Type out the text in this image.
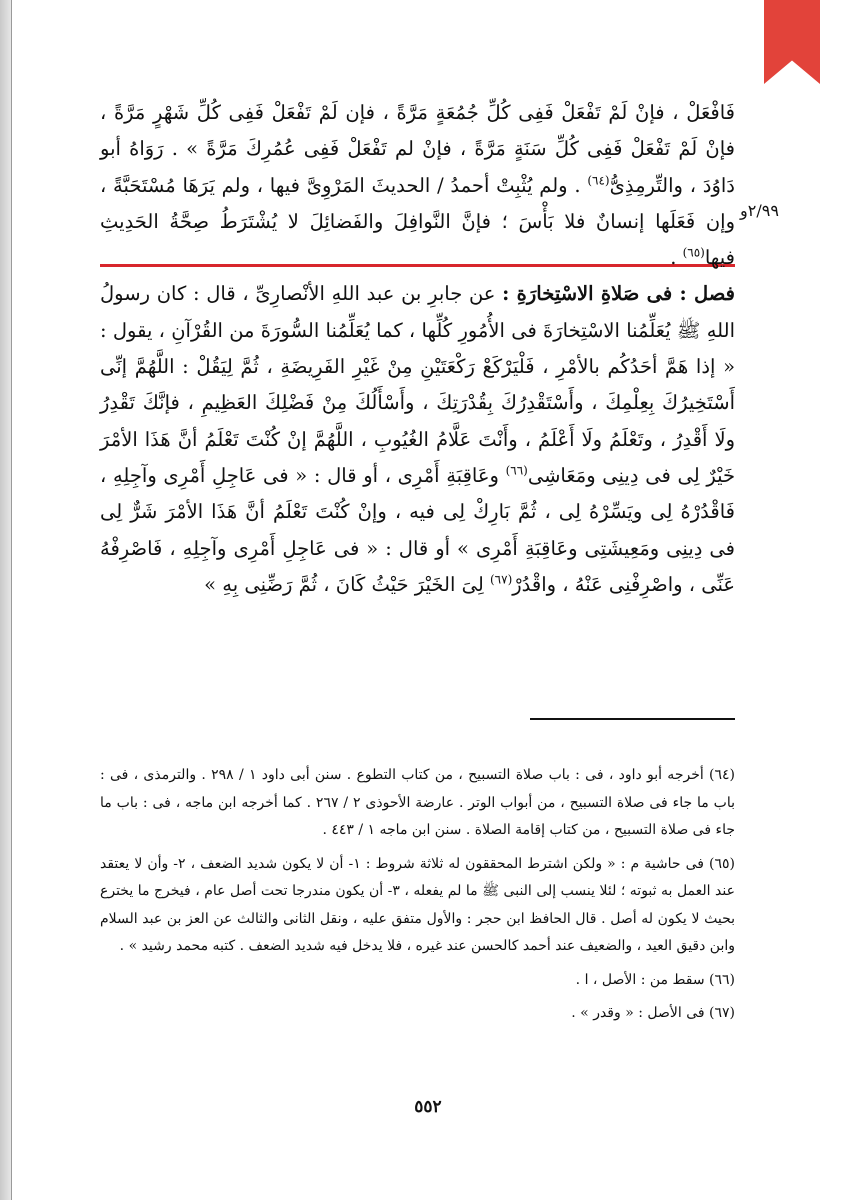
٢/٩٩و

فَافْعَلْ ، فإنْ لَمْ تَفْعَلْ فَفِى كُلِّ جُمُعَةٍ مَرَّةً ، فإن لَمْ تَفْعَلْ فَفِى كُلِّ شَهْرٍ مَرَّةً ، فإنْ لَمْ تَفْعَلْ فَفِى كُلِّ سَنَةٍ مَرَّةً ، فإنْ لم تَفْعَلْ فَفِى عُمُرِكَ مَرَّةً » . رَوَاهُ أبو دَاوُدَ ، والتِّرمِذِىُّ$^{(٦٤)}$ . ولم يُثْبِتْ أحمدُ / الحديثَ المَرْوِىَّ فيها ، ولم يَرَهَا مُسْتَحَبَّةً ، وإن فَعَلَها إنسانٌ فلا بَأْسَ ؛ فإنَّ النَّوافِلَ والفَضائِلَ لا يُشْتَرَطُ صِحَّةُ الحَدِيثِ فيها$^{(٦٥)}$ .

فصل : فى صَلاةِ الاسْتِخارَةِ : عن جابرِ بن عبد اللهِ الأنْصارِىِّ ، قال : كان رسولُ اللهِ ﷺ يُعَلِّمُنا الاسْتِخارَةَ فى الأُمُورِ كُلِّها ، كما يُعَلِّمُنا السُّورَةَ من القُرْآنِ ، يقول : « إذا هَمَّ أحَدُكُم بالأمْرِ ، فَلْيَرْكَعْ رَكْعَتَيْنِ مِنْ غَيْرِ الفَرِيضَةِ ، ثُمَّ لِيَقُلْ : اللَّهُمَّ إنِّى أَسْتَخِيرُكَ بِعِلْمِكَ ، وأَسْتَقْدِرُكَ بِقُدْرَتِكَ ، وأَسْأَلُكَ مِنْ فَضْلِكَ العَظِيمِ ، فإنَّكَ تَقْدِرُ ولَا أَقْدِرُ ، وتَعْلَمُ ولَا أَعْلَمُ ، وأَنْتَ عَلَّامُ الغُيُوبِ ، اللَّهُمَّ إنْ كُنْتَ تَعْلَمُ أنَّ هَذَا الأمْرَ خَيْرٌ لِى فى دِينِى ومَعَاشِى$^{(٦٦)}$ وعَاقِبَةِ أَمْرِى ، أو قال : « فى عَاجِلِ أَمْرِى وآجِلِهِ ، فَاقْدُرْهُ لِى ويَسِّرْهُ لِى ، ثُمَّ بَارِكْ لِى فيه ، وإنْ كُنْتَ تَعْلَمُ أنَّ هَذَا الأمْرَ شَرٌّ لِى فى دِينِى ومَعِيشَتِى وعَاقِبَةِ أَمْرِى » أو قال : « فى عَاجِلِ أَمْرِى وآجِلِهِ ، فَاصْرِفْهُ عَنِّى ، واصْرِفْنِى عَنْهُ ، واقْدُرْ$^{(٦٧)}$ لِىَ الخَيْرَ حَيْثُ كَانَ ، ثُمَّ رَضِّنِى بِهِ »

(٦٤) أخرجه أبو داود ، فى : باب صلاة التسبيح ، من كتاب التطوع . سنن أبى داود ١ / ٢٩٨ . والترمذى ، فى : باب ما جاء فى صلاة التسبيح ، من أبواب الوتر . عارضة الأحوذى ٢ / ٢٦٧ . كما أخرجه ابن ماجه ، فى : باب ما جاء فى صلاة التسبيح ، من كتاب إقامة الصلاة . سنن ابن ماجه ١ / ٤٤٣ .

(٦٥) فى حاشية م : « ولكن اشترط المحققون له ثلاثة شروط : ١- أن لا يكون شديد الضعف ، ٢- وأن لا يعتقد عند العمل به ثبوته ؛ لئلا ينسب إلى النبى ﷺ ما لم يفعله ، ٣- أن يكون مندرجا تحت أصل عام ، فيخرج ما يخترع بحيث لا يكون له أصل . قال الحافظ ابن حجر : والأول متفق عليه ، ونقل الثانى والثالث عن العز بن عبد السلام وابن دقيق العيد ، والضعيف عند أحمد كالحسن عند غيره ، فلا يدخل فيه شديد الضعف . كتبه محمد رشيد » .

(٦٦) سقط من : الأصل ، ا .

(٦٧) فى الأصل : « وقدر » .

٥٥٢
